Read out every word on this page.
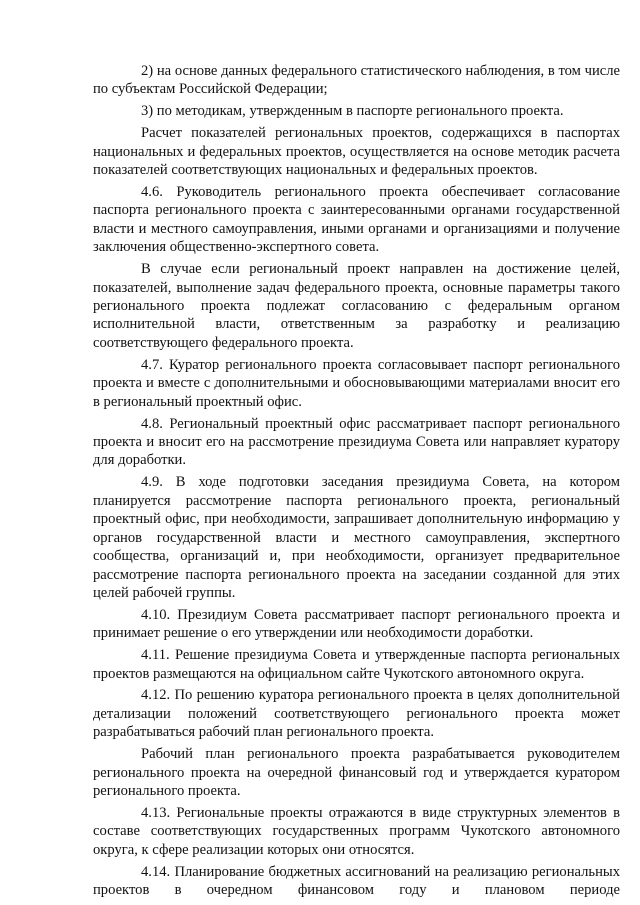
2) на основе данных федерального статистического наблюдения, в том числе по субъектам Российской Федерации;

3) по методикам, утвержденным в паспорте регионального проекта.

Расчет показателей региональных проектов, содержащихся в паспортах национальных и федеральных проектов, осуществляется на основе методик расчета показателей соответствующих национальных и федеральных проектов.

4.6. Руководитель регионального проекта обеспечивает согласование паспорта регионального проекта с заинтересованными органами государственной власти и местного самоуправления, иными органами и организациями и получение заключения общественно-экспертного совета.

В случае если региональный проект направлен на достижение целей, показателей, выполнение задач федерального проекта, основные параметры такого регионального проекта подлежат согласованию с федеральным органом исполнительной власти, ответственным за разработку и реализацию соответствующего федерального проекта.

4.7. Куратор регионального проекта согласовывает паспорт регионального проекта и вместе с дополнительными и обосновывающими материалами вносит его в региональный проектный офис.

4.8. Региональный проектный офис рассматривает паспорт регионального проекта и вносит его на рассмотрение президиума Совета или направляет куратору для доработки.

4.9. В ходе подготовки заседания президиума Совета, на котором планируется рассмотрение паспорта регионального проекта, региональный проектный офис, при необходимости, запрашивает дополнительную информацию у органов государственной власти и местного самоуправления, экспертного сообщества, организаций и, при необходимости, организует предварительное рассмотрение паспорта регионального проекта на заседании созданной для этих целей рабочей группы.

4.10. Президиум Совета рассматривает паспорт регионального проекта и принимает решение о его утверждении или необходимости доработки.

4.11. Решение президиума Совета и утвержденные паспорта региональных проектов размещаются на официальном сайте Чукотского автономного округа.

4.12. По решению куратора регионального проекта в целях дополнительной детализации положений соответствующего регионального проекта может разрабатываться рабочий план регионального проекта.

Рабочий план регионального проекта разрабатывается руководителем регионального проекта на очередной финансовый год и утверждается куратором регионального проекта.

4.13. Региональные проекты отражаются в виде структурных элементов в составе соответствующих государственных программ Чукотского автономного округа, к сфере реализации которых они относятся.

4.14. Планирование бюджетных ассигнований на реализацию региональных проектов в очередном финансовом году и плановом периоде
